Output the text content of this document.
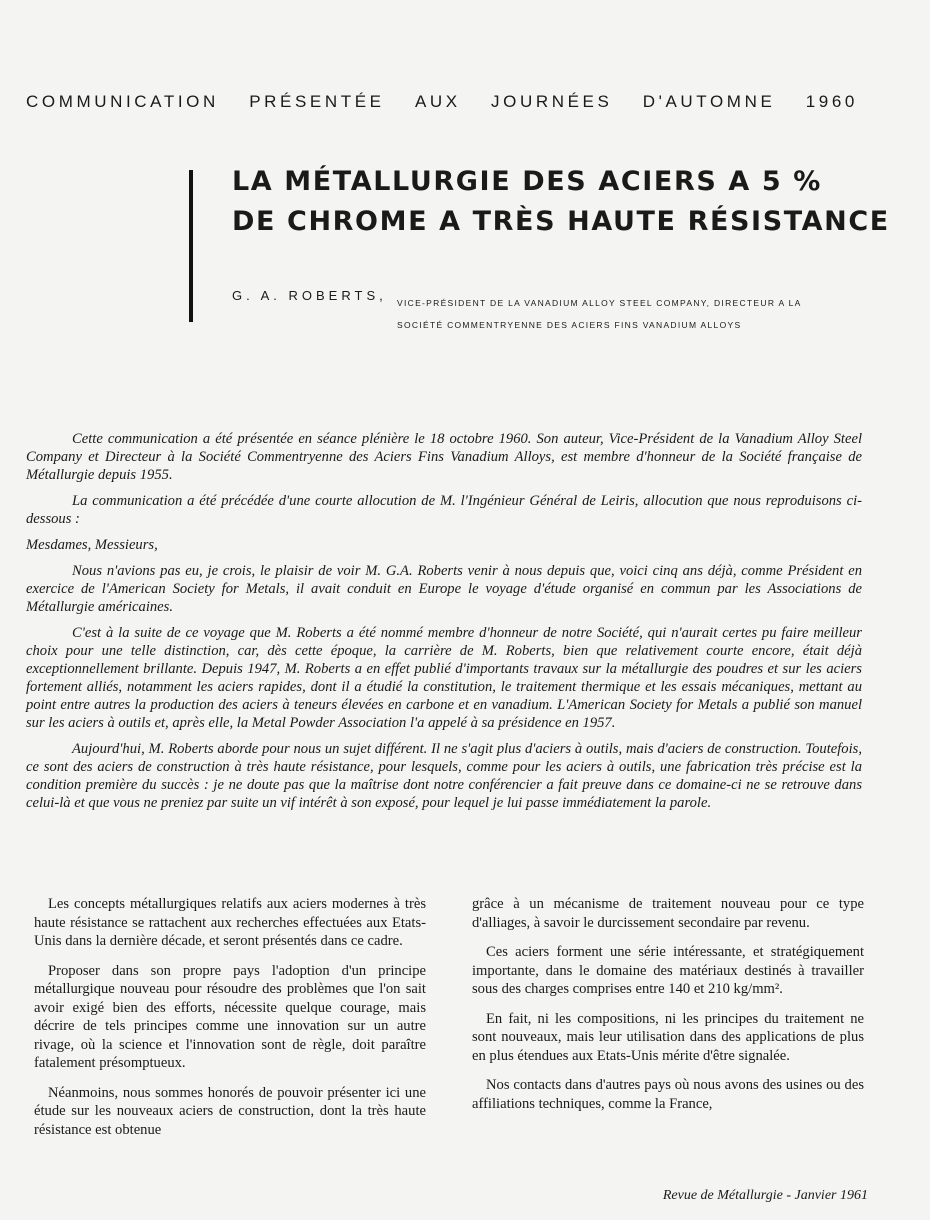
COMMUNICATION PRÉSENTÉE AUX JOURNÉES D'AUTOMNE 1960
LA MÉTALLURGIE DES ACIERS A 5 %
DE CHROME A TRÈS HAUTE RÉSISTANCE
G. A. ROBERTS, VICE-PRÉSIDENT DE LA VANADIUM ALLOY STEEL COMPANY, DIRECTEUR A LA
SOCIÉTÉ COMMENTRYENNE DES ACIERS FINS VANADIUM ALLOYS

Cette communication a été présentée en séance plénière le 18 octobre 1960. Son auteur, Vice-Président de la Vanadium Alloy Steel Company et Directeur à la Société Commentryenne des Aciers Fins Vanadium Alloys, est membre d'honneur de la Société française de Métallurgie depuis 1955.

La communication a été précédée d'une courte allocution de M. l'Ingénieur Général de Leiris, allocution que nous reproduisons ci-dessous :

Mesdames, Messieurs,

Nous n'avions pas eu, je crois, le plaisir de voir M. G.A. Roberts venir à nous depuis que, voici cinq ans déjà, comme Président en exercice de l'American Society for Metals, il avait conduit en Europe le voyage d'étude organisé en commun par les Associations de Métallurgie américaines.

C'est à la suite de ce voyage que M. Roberts a été nommé membre d'honneur de notre Société, qui n'aurait certes pu faire meilleur choix pour une telle distinction, car, dès cette époque, la carrière de M. Roberts, bien que relativement courte encore, était déjà exceptionnellement brillante. Depuis 1947, M. Roberts a en effet publié d'importants travaux sur la métallurgie des poudres et sur les aciers fortement alliés, notamment les aciers rapides, dont il a étudié la constitution, le traitement thermique et les essais mécaniques, mettant au point entre autres la production des aciers à teneurs élevées en carbone et en vanadium. L'American Society for Metals a publié son manuel sur les aciers à outils et, après elle, la Metal Powder Association l'a appelé à sa présidence en 1957.

Aujourd'hui, M. Roberts aborde pour nous un sujet différent. Il ne s'agit plus d'aciers à outils, mais d'aciers de construction. Toutefois, ce sont des aciers de construction à très haute résistance, pour lesquels, comme pour les aciers à outils, une fabrication très précise est la condition première du succès : je ne doute pas que la maîtrise dont notre conférencier a fait preuve dans ce domaine-ci ne se retrouve dans celui-là et que vous ne preniez par suite un vif intérêt à son exposé, pour lequel je lui passe immédiatement la parole.

Les concepts métallurgiques relatifs aux aciers modernes à très haute résistance se rattachent aux recherches effectuées aux Etats-Unis dans la dernière décade, et seront présentés dans ce cadre.

Proposer dans son propre pays l'adoption d'un principe métallurgique nouveau pour résoudre des problèmes que l'on sait avoir exigé bien des efforts, nécessite quelque courage, mais décrire de tels principes comme une innovation sur un autre rivage, où la science et l'innovation sont de règle, doit paraître fatalement présomptueux.

Néanmoins, nous sommes honorés de pouvoir présenter ici une étude sur les nouveaux aciers de construction, dont la très haute résistance est obtenue

grâce à un mécanisme de traitement nouveau pour ce type d'alliages, à savoir le durcissement secondaire par revenu.

Ces aciers forment une série intéressante, et stratégiquement importante, dans le domaine des matériaux destinés à travailler sous des charges comprises entre 140 et 210 kg/mm².

En fait, ni les compositions, ni les principes du traitement ne sont nouveaux, mais leur utilisation dans des applications de plus en plus étendues aux Etats-Unis mérite d'être signalée.

Nos contacts dans d'autres pays où nous avons des usines ou des affiliations techniques, comme la France,

Revue de Métallurgie - Janvier 1961
